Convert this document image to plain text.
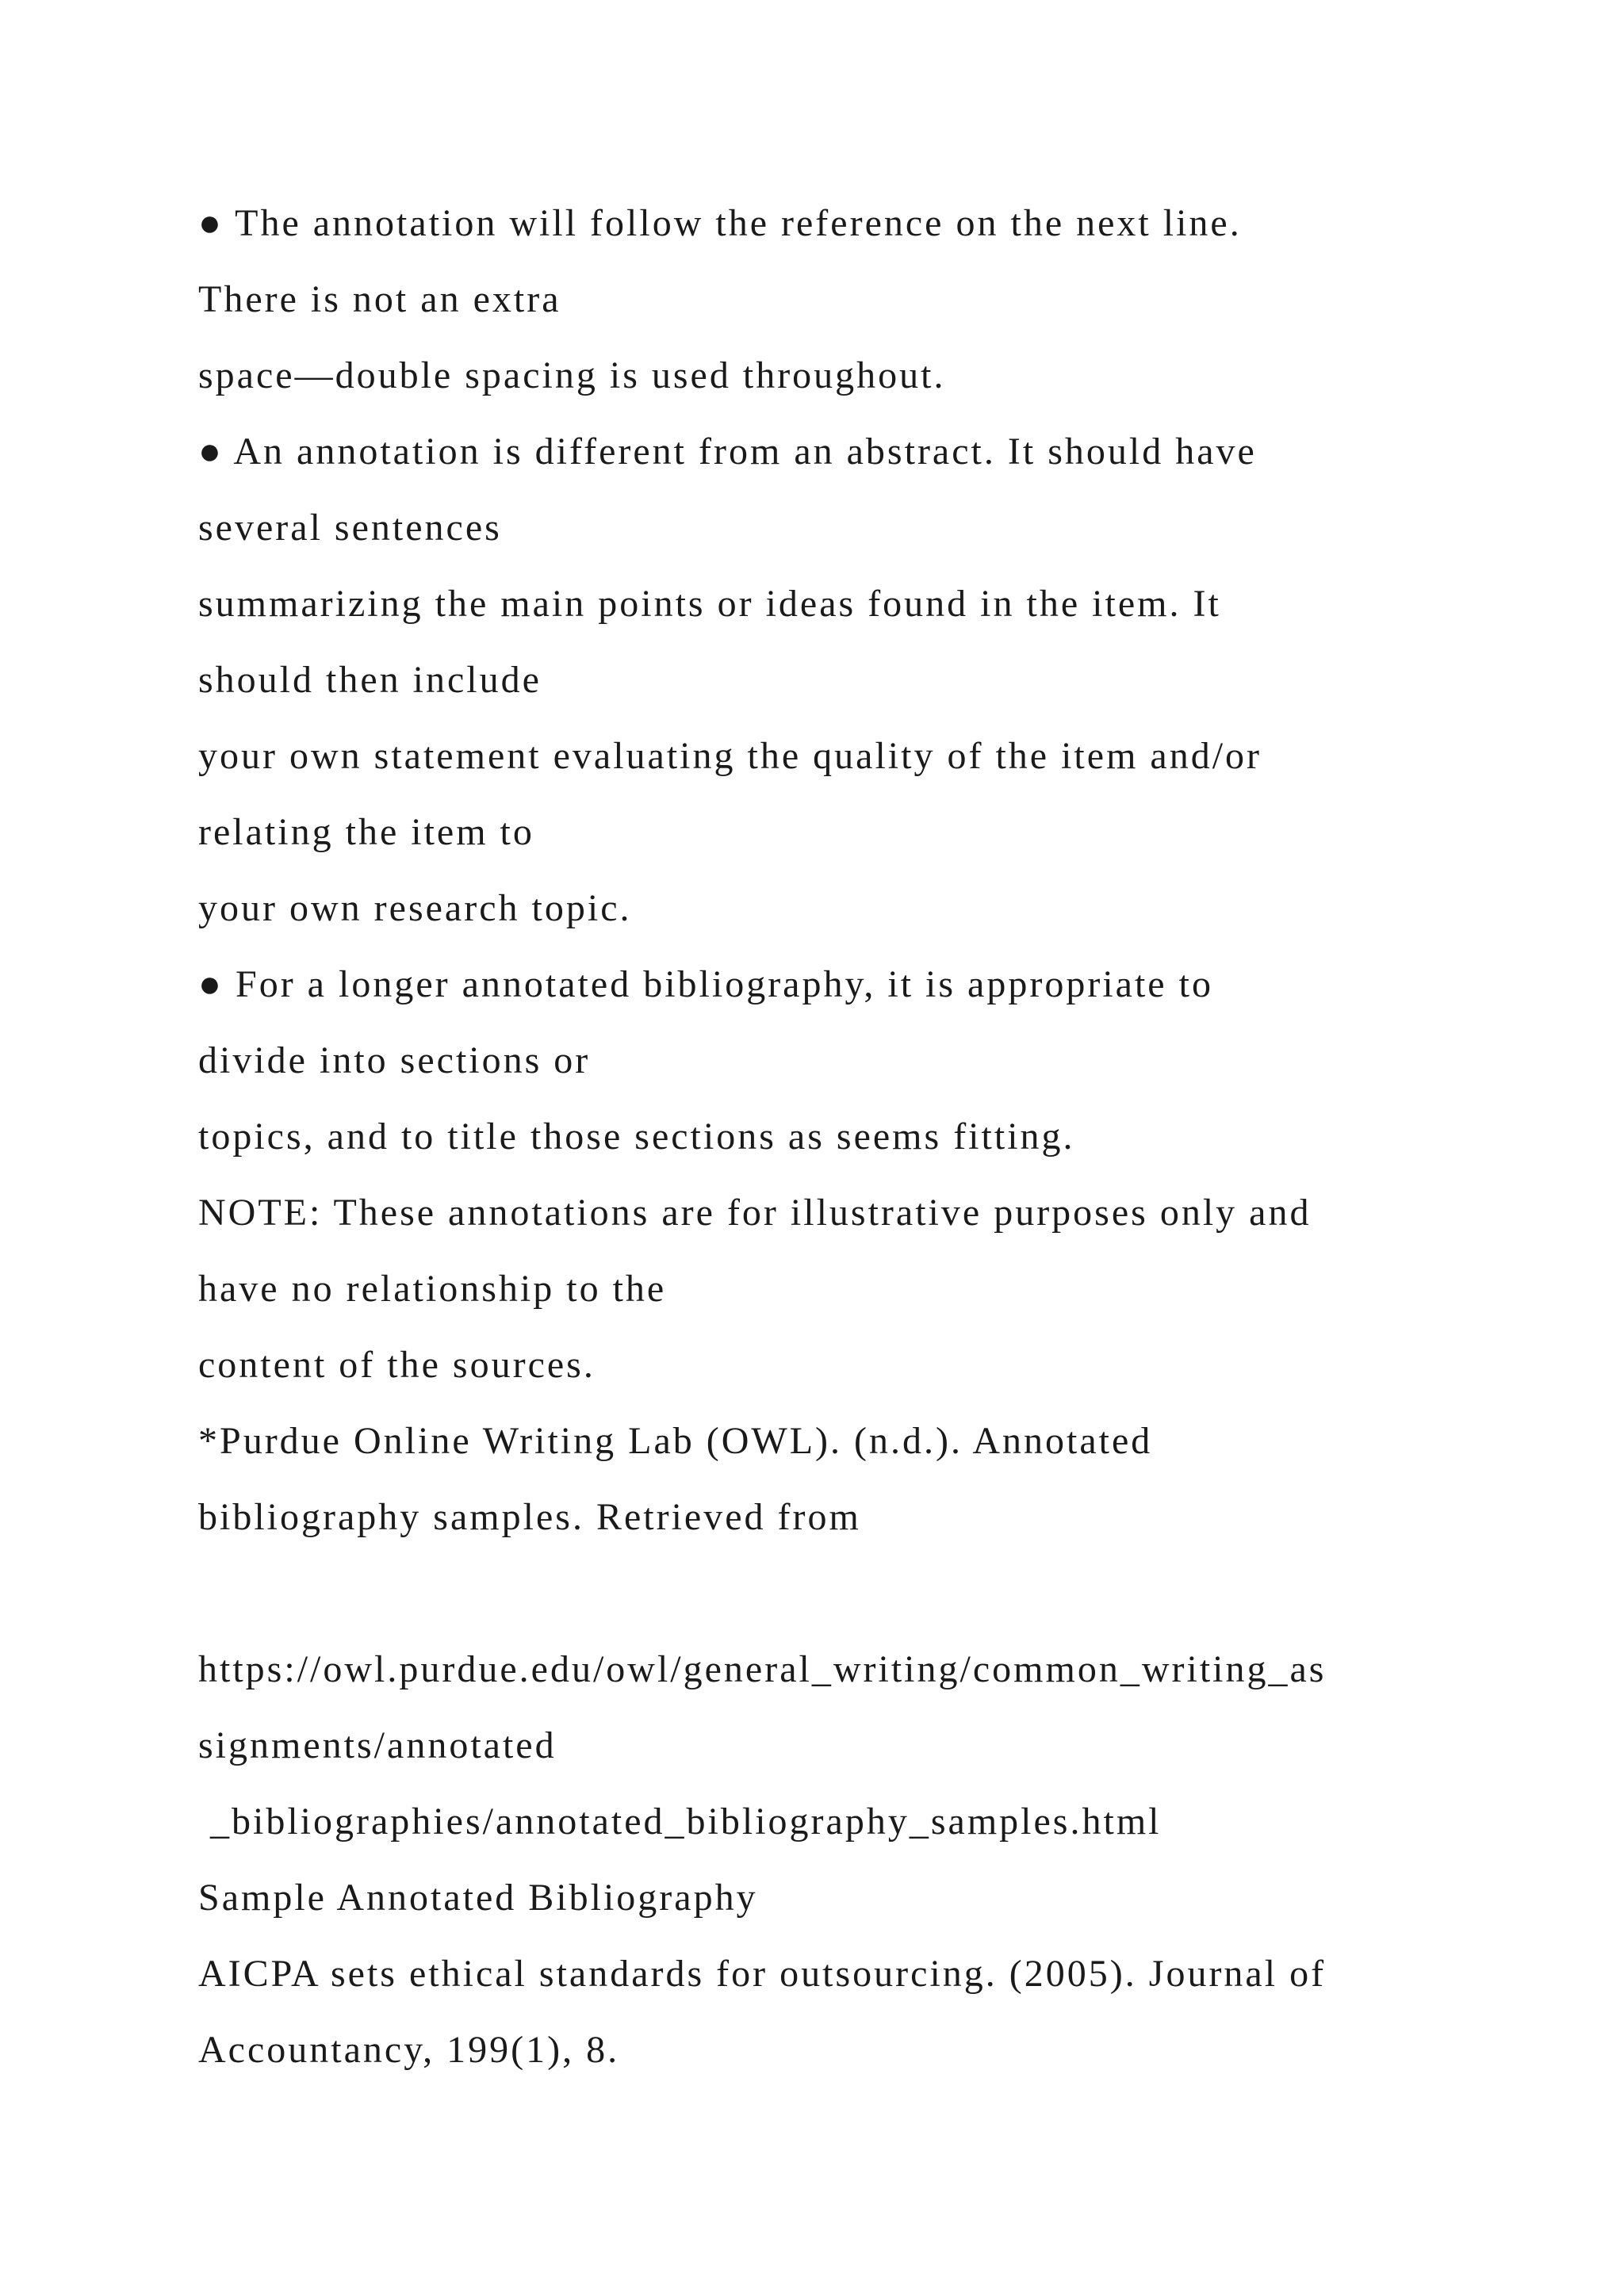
● The annotation will follow the reference on the next line.
There is not an extra
space—double spacing is used throughout.
● An annotation is different from an abstract. It should have
several sentences
summarizing the main points or ideas found in the item. It
should then include
your own statement evaluating the quality of the item and/or
relating the item to
your own research topic.
● For a longer annotated bibliography, it is appropriate to
divide into sections or
topics, and to title those sections as seems fitting.
NOTE: These annotations are for illustrative purposes only and
have no relationship to the
content of the sources.
*Purdue Online Writing Lab (OWL). (n.d.). Annotated
bibliography samples. Retrieved from
https://owl.purdue.edu/owl/general_writing/common_writing_as
signments/annotated
_bibliographies/annotated_bibliography_samples.html
Sample Annotated Bibliography
AICPA sets ethical standards for outsourcing. (2005). Journal of
Accountancy, 199(1), 8.
